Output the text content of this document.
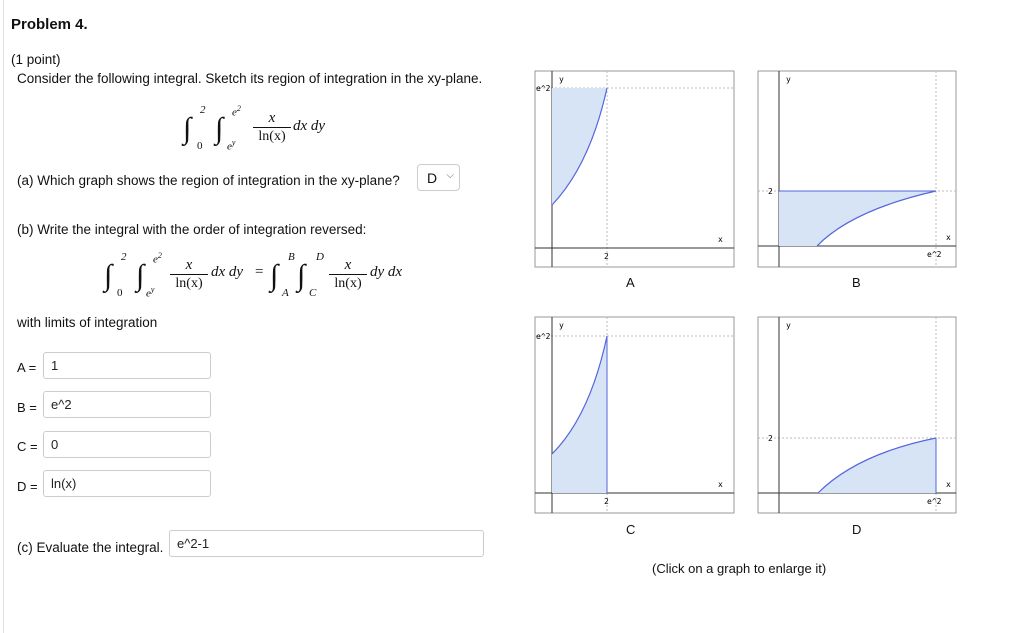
Problem 4.
(1 point)
Consider the following integral. Sketch its region of integration in the xy-plane.
∫
2
0
∫ $e^2$
$e^y$
x
ln(x)
dx dy
(a) Which graph shows the region of integration in the xy-plane? D ⌵
(b) Write the integral with the order of integration reversed:
∫
2
0
∫ $e^2$
$e^y$
x
ln(x)
dx dy = ∫
B
A
∫
D
C
x
ln(x)
dy dx
with limits of integration
A =	1
B =	e^2
C =	0
D =	ln(x)
(c) Evaluate the integral.	e^2-1
y
e^2
x
2
A
y
2
x
e^2
B
y
e^2
x
2
C
y
2
x
e^2
D
(Click on a graph to enlarge it)
